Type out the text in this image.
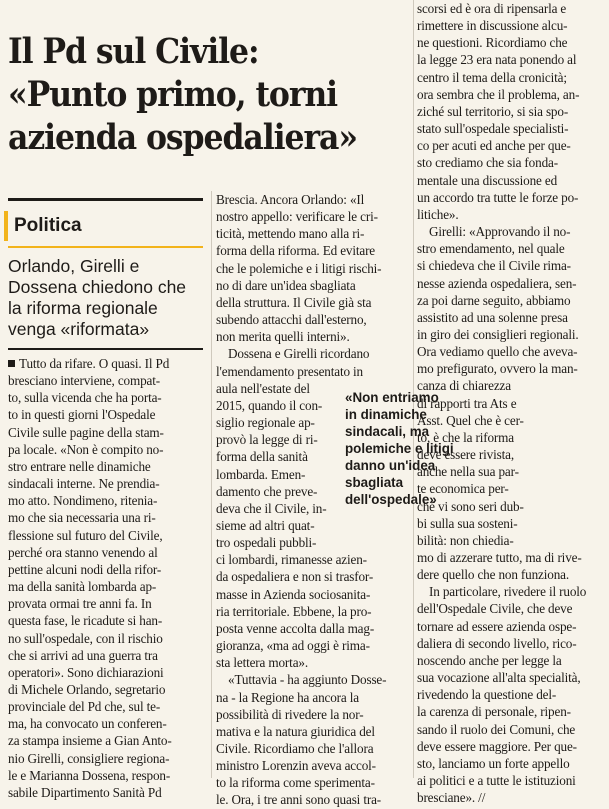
Il Pd sul Civile:
«Punto primo, torni
azienda ospedaliera»
Politica
Orlando, Girelli e
Dossena chiedono che
la riforma regionale
venga «riformata»
Tutto da rifare. O quasi. Il Pd
bresciano interviene, compat-
to, sulla vicenda che ha porta-
to in questi giorni l'Ospedale
Civile sulle pagine della stam-
pa locale. «Non è compito no-
stro entrare nelle dinamiche
sindacali interne. Ne prendia-
mo atto. Nondimeno, ritenia-
mo che sia necessaria una ri-
flessione sul futuro del Civile,
perché ora stanno venendo al
pettine alcuni nodi della rifor-
ma della sanità lombarda ap-
provata ormai tre anni fa. In
questa fase, le ricadute si han-
no sull'ospedale, con il rischio
che si arrivi ad una guerra tra
operatori». Sono dichiarazioni
di Michele Orlando, segretario
provinciale del Pd che, sul te-
ma, ha convocato un conferen-
za stampa insieme a Gian Anto-
nio Girelli, consigliere regiona-
le e Marianna Dossena, respon-
sabile Dipartimento Sanità Pd
Brescia. Ancora Orlando: «Il
nostro appello: verificare le cri-
ticità, mettendo mano alla ri-
forma della riforma. Ed evitare
che le polemiche e i litigi rischi-
no di dare un'idea sbagliata
della struttura. Il Civile già sta
subendo attacchi dall'esterno,
non merita quelli interni».
Dossena e Girelli ricordano
l'emendamento presentato in
aula nell'estate del
2015, quando il con-
siglio regionale ap-
provò la legge di ri-
forma della sanità
lombarda. Emen-
damento che preve-
deva che il Civile, in-
sieme ad altri quat-
tro ospedali pubbli-
ci lombardi, rimanesse azien-
da ospedaliera e non si trasfor-
masse in Azienda sociosanita-
ria territoriale. Ebbene, la pro-
posta venne accolta dalla mag-
gioranza, «ma ad oggi è rima-
sta lettera morta».
«Tuttavia - ha aggiunto Dosse-
na - la Regione ha ancora la
possibilità di rivedere la nor-
mativa e la natura giuridica del
Civile. Ricordiamo che l'allora
ministro Lorenzin aveva accol-
to la riforma come sperimenta-
le. Ora, i tre anni sono quasi tra-
scorsi ed è ora di ripensarla e
rimettere in discussione alcu-
ne questioni. Ricordiamo che
la legge 23 era nata ponendo al
centro il tema della cronicità;
ora sembra che il problema, an-
ziché sul territorio, si sia spo-
stato sull'ospedale specialisti-
co per acuti ed anche per que-
sto crediamo che sia fonda-
mentale una discussione ed
un accordo tra tutte le forze po-
litiche».
Girelli: «Approvando il no-
stro emendamento, nel quale
si chiedeva che il Civile rima-
nesse azienda ospedaliera, sen-
za poi darne seguito, abbiamo
assistito ad una solenne presa
in giro dei consiglieri regionali.
Ora vediamo quello che aveva-
mo prefigurato, ovvero la man-
canza di chiarezza
di rapporti tra Ats e
Asst. Quel che è cer-
to, è che la riforma
deve essere rivista,
anche nella sua par-
te economica per-
ché vi sono seri dub-
bi sulla sua sosteni-
bilità: non chiedia-
mo di azzerare tutto, ma di rive-
dere quello che non funziona.
In particolare, rivedere il ruolo
dell'Ospedale Civile, che deve
tornare ad essere azienda ospe-
daliera di secondo livello, rico-
noscendo anche per legge la
sua vocazione all'alta specialità,
rivedendo la questione del-
la carenza di personale, ripen-
sando il ruolo dei Comuni, che
deve essere maggiore. Per que-
sto, lanciamo un forte appello
ai politici e a tutte le istituzioni
bresciane». //
«Non entriamo
in dinamiche
sindacali, ma
polemiche e litigi
danno un'idea
sbagliata
dell'ospedale»
